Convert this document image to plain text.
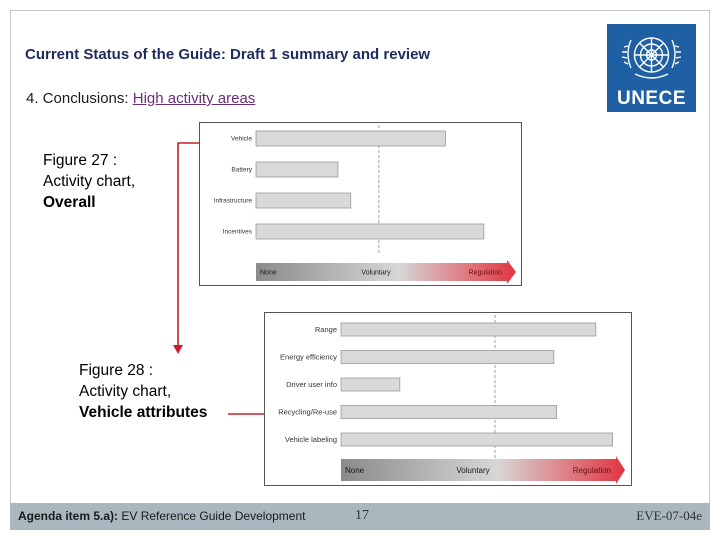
Current Status of the Guide: Draft 1 summary and review
4. Conclusions: High activity areas	UNECE
Figure 27 :
Activity chart,
Overall
Figure 28 :
Activity chart,
Vehicle attributes
Vehicle
Battery
Infrastructure
Incentives
None	Voluntary	Regulation
Range
Energy efficiency
Driver user info
Recycling/Re-use
Vehicle labeling
None	Voluntary	Regulation
Agenda item 5.a): EV Reference Guide Development	17	EVE-07-04e
